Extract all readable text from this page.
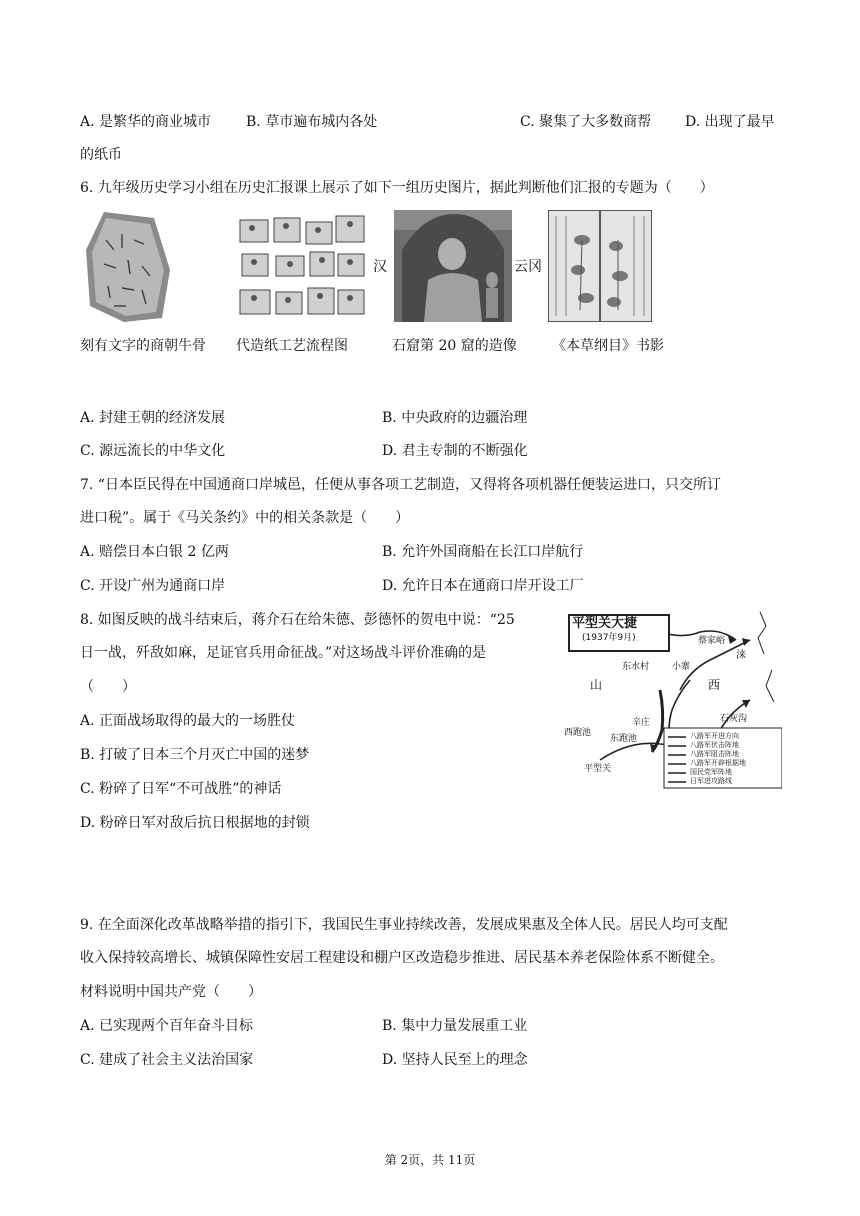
A. 是繁华的商业城市 B. 草市遍布城内各处	C. 聚集了大多数商帮 D. 出现了最早
的纸币
6. 九年级历史学习小组在历史汇报课上展示了如下一组历史图片，据此判断他们汇报的专题为（　　）
汉	云冈
刻有文字的商朝牛骨 代造纸工艺流程图	石窟第 20 窟的造像	《本草纲目》书影
A. 封建王朝的经济发展	B. 中央政府的边疆治理
C. 源远流长的中华文化	D. 君主专制的不断强化
7. “日本臣民得在中国通商口岸城邑，任便从事各项工艺制造，又得将各项机器任便装运进口，只交所订
进口税”。属于《马关条约》中的相关条款是（　　）
A. 赔偿日本白银 2 亿两	B. 允许外国商船在长江口岸航行
C. 开设广州为通商口岸	D. 允许日本在通商口岸开设工厂
8. 如图反映的战斗结束后，蒋介石在给朱德、彭德怀的贺电中说：“25
日一战，歼敌如麻，足证官兵用命征战。”对这场战斗评价准确的是
（　　）
A. 正面战场取得的最大的一场胜仗
B. 打破了日本三个月灭亡中国的迷梦
C. 粉碎了日军“不可战胜”的神话
D. 粉碎日军对敌后抗日根据地的封锁
平型关大捷
(1937年9月)
东水村	小寨
蔡家峪
涞
山	西
石灰沟
西跑池
东跑池
辛庄
平型关
八路军开进方向
八路军伏击阵地
八路军阻击阵地
八路军开辟根据地
国民党军阵地
日军进攻路线
9. 在全面深化改革战略举措的指引下，我国民生事业持续改善，发展成果惠及全体人民。居民人均可支配
收入保持较高增长、城镇保障性安居工程建设和棚户区改造稳步推进、居民基本养老保险体系不断健全。
材料说明中国共产党（　　）
A. 已实现两个百年奋斗目标	B. 集中力量发展重工业
C. 建成了社会主义法治国家	D. 坚持人民至上的理念
第 2页，共 11页
